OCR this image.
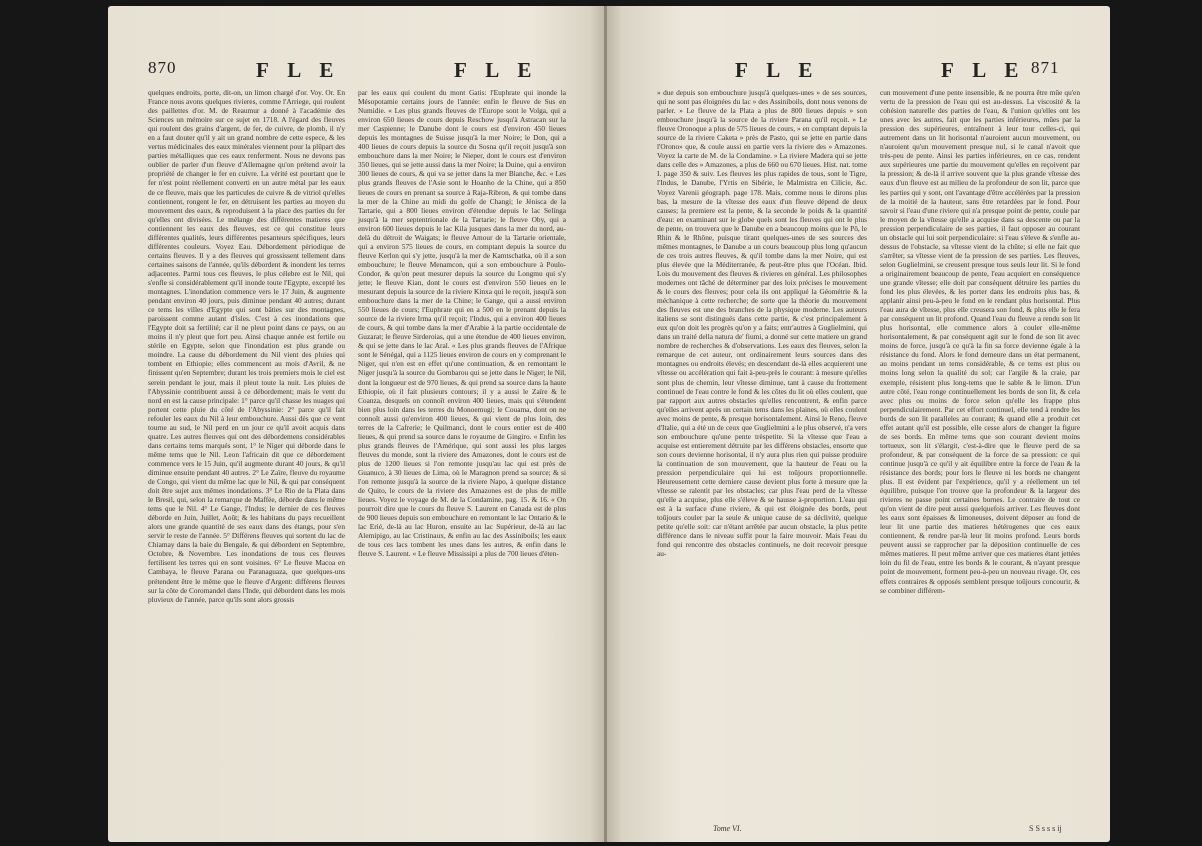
870	F L E	F L E

quelques endroits, porte, dit-on, un limon chargé d'or. Voy. Or. En France nous avons quelques rivieres, comme l'Arriege, qui roulent des paillettes d'or. M. de Reaumur a donné à l'académie des Sciences un mémoire sur ce sujet en 1718. A l'égard des fleuves qui roulent des grains d'argent, de fer, de cuivre, de plomb, il n'y en a faut douter qu'il y ait un grand nombre de cette espece, & les vertus médicinales des eaux minérales viennent pour la plûpart des parties métalliques que ces eaux renferment. Nous ne devons pas oublier de parler d'un fleuve d'Allemagne qu'on prétend avoir la propriété de changer le fer en cuivre. La vérité est pourtant que le fer n'est point réellement converti en un autre métal par les eaux de ce fleuve, mais que les particules de cuivre & de vitriol qu'elles contiennent, rongent le fer, en détruisent les parties au moyen du mouvement des eaux, & reproduisent à la place des parties du fer qu'elles ont divisées. Le mélange des différentes matieres que contiennent les eaux des fleuves, est ce qui constitue leurs différentes qualités, leurs différentes pesanteurs spécifiques, leurs différentes couleurs. Voyez Eau. Débordement périodique de certains fleuves. Il y a des fleuves qui grossissent tellement dans certaines saisons de l'année, qu'ils débordent & inondent les terres adjacentes. Parmi tous ces fleuves, le plus célebre est le Nil, qui s'enfle si considérablement qu'il inonde toute l'Egypte, excepté les montagnes. L'inondation commence vers le 17 Juin, & augmente pendant environ 40 jours, puis diminue pendant 40 autres; durant ce tems les villes d'Egypte qui sont bâties sur des montagnes, paroissent comme autant d'isles. C'est à ces inondations que l'Egypte doit sa fertilité; car il ne pleut point dans ce pays, ou au moins il n'y pleut que fort peu. Ainsi chaque année est fertile ou stérile en Egypte, selon que l'inondation est plus grande ou moindre. La cause du débordement du Nil vient des pluies qui tombent en Ethiopie; elles commencent au mois d'Avril, & ne finissent qu'en Septembre; durant les trois premiers mois le ciel est serein pendant le jour, mais il pleut toute la nuit. Les pluies de l'Abyssinie contribuent aussi à ce débordement; mais le vent du nord en est la cause principale: 1° parce qu'il chasse les nuages qui portent cette pluie du côté de l'Abyssinie: 2° parce qu'il fait refouler les eaux du Nil à leur embouchure. Aussi dès que ce vent tourne au sud, le Nil perd en un jour ce qu'il avoit acquis dans quatre. Les autres fleuves qui ont des débordemens considérables dans certains tems marqués sont, 1° le Niger qui déborde dans le même tems que le Nil. Leon l'africain dit que ce débordement commence vers le 15 Juin, qu'il augmente durant 40 jours, & qu'il diminue ensuite pendant 40 autres. 2° Le Zaïre, fleuve du royaume de Congo, qui vient du même lac que le Nil, & qui par conséquent doit être sujet aux mêmes inondations. 3° Le Rio de la Plata dans le Bresil, qui, selon la remarque de Maffée, déborde dans le même tems que le Nil. 4° Le Gange, l'Indus; le dernier de ces fleuves déborde en Juin, Juillet, Août; & les habitans du pays recueillent alors une grande quantité de ses eaux dans des étangs, pour s'en servir le reste de l'année. 5° Différens fleuves qui sortent du lac de Chiamay dans la baie du Bengale, & qui débordent en Septembre, Octobre, & Novembre. Les inondations de tous ces fleuves fertilisent les terres qui en sont voisines. 6° Le fleuve Macoa en Cambaya, le fleuve Parana ou Paranaguaza, que quelques-uns prétendent être le même que le fleuve d'Argent: différens fleuves sur la côte de Coromandel dans l'Inde, qui débordent dans les mois pluvieux de l'année, parce qu'ils sont alors grossis

par les eaux qui coulent du mont Gatis: l'Euphrate qui inonde la Mésopotamie certains jours de l'année: enfin le fleuve de Sus en Numidie. « Les plus grands fleuves de l'Europe sont le Volga, qui a environ 650 lieues de cours depuis Reschow jusqu'à Astracan sur la mer Caspienne; le Danube dont le cours est d'environ 450 lieues depuis les montagnes de Suisse jusqu'à la mer Noire; le Don, qui a 400 lieues de cours depuis la source du Sosna qu'il reçoit jusqu'à son embouchure dans la mer Noire; le Nieper, dont le cours est d'environ 350 lieues, qui se jette aussi dans la mer Noire; la Duine, qui a environ 300 lieues de cours, & qui va se jetter dans la mer Blanche, &c. « Les plus grands fleuves de l'Asie sont le Hoanho de la Chine, qui a 850 lieues de cours en prenant sa source à Raja-Ribron, & qui tombe dans la mer de la Chine au midi du golfe de Changi; le Jénisca de la Tartarie, qui a 800 lieues environ d'étendue depuis le lac Selinga jusqu'à la mer septentrionale de la Tartarie; le fleuve Oby, qui a environ 600 lieues depuis le lac Kila jusques dans la mer du nord, au-delà du détroit de Waigats; le fleuve Amour de la Tartarie orientale, qui a environ 575 lieues de cours, en comptant depuis la source du fleuve Kerlon qui s'y jette, jusqu'à la mer de Kamtschatka, où il a son embouchure; le fleuve Menamcon, qui a son embouchure à Poulo-Condor, & qu'on peut mesurer depuis la source du Longmu qui s'y jette; le fleuve Kian, dont le cours est d'environ 550 lieues en le mesurant depuis la source de la riviere Kinxa qui le reçoit, jusqu'à son embouchure dans la mer de la Chine; le Gange, qui a aussi environ 550 lieues de cours; l'Euphrate qui en a 500 en le prenant depuis la source de la riviere Irma qu'il reçoit; l'Indus, qui a environ 400 lieues de cours, & qui tombe dans la mer d'Arabie à la partie occidentale de Guzarat; le fleuve Sirderoias, qui a une étendue de 400 lieues environ, & qui se jette dans le lac Aral. « Les plus grands fleuves de l'Afrique sont le Sénégal, qui a 1125 lieues environ de cours en y comprenant le Niger, qui n'en est en effet qu'une continuation, & en remontant le Niger jusqu'à la source du Gombarou qui se jette dans le Niger; le Nil, dont la longueur est de 970 lieues, & qui prend sa source dans la haute Ethiopie, où il fait plusieurs contours; il y a aussi le Zaïre & le Coanza, desquels on connoît environ 400 lieues, mais qui s'étendent bien plus loin dans les terres du Monoemugi; le Couama, dont on ne connoît aussi qu'environ 400 lieues, & qui vient de plus loin, des terres de la Cafrerie; le Quilmanci, dont le cours entier est de 400 lieues, & qui prend sa source dans le royaume de Gingiro. « Enfin les plus grands fleuves de l'Amérique, qui sont aussi les plus larges fleuves du monde, sont la riviere des Amazones, dont le cours est de plus de 1200 lieues si l'on remonte jusqu'au lac qui est près de Guanuco, à 30 lieues de Lima, où le Maragnon prend sa source; & si l'on remonte jusqu'à la source de la riviere Napo, à quelque distance de Quito, le cours de la riviere des Amazones est de plus de mille lieues. Voyez le voyage de M. de la Condamine, pag. 15. & 16. « On pourroit dire que le cours du fleuve S. Laurent en Canada est de plus de 900 lieues depuis son embouchure en remontant le lac Ontario & le lac Erié, de-là au lac Huron, ensuite au lac Supérieur, de-là au lac Alemipigo, au lac Cristinaux, & enfin au lac des Assiniboils; les eaux de tous ces lacs tombent les unes dans les autres, & enfin dans le fleuve S. Laurent. « Le fleuve Mississipi a plus de 700 lieues d'éten-

F L E	F L E 871

» due depuis son embouchure jusqu'à quelques-unes » de ses sources, qui ne sont pas éloignées du lac » des Assiniboils, dont nous venons de parler. » Le fleuve de la Plata a plus de 800 lieues depuis » son embouchure jusqu'à la source de la riviere Parana qu'il reçoit. » Le fleuve Oronoque a plus de 575 lieues de cours, » en comptant depuis la source de la riviere Caketa » près de Pasto, qui se jette en partie dans l'Orono» que, & coule aussi en partie vers la riviere des » Amazones. Voyez la carte de M. de la Condamine. » La riviere Madera qui se jette dans celle des » Amazones, a plus de 660 ou 670 lieues. Hist. nat. tome I. page 350 & suiv. Les fleuves les plus rapides de tous, sont le Tigre, l'Indus, le Danube, l'Yrtis en Sibérie, le Malmistra en Cilicie, &c. Voyez Varenii géograph. page 178. Mais, comme nous le dirons plus bas, la mesure de la vîtesse des eaux d'un fleuve dépend de deux causes; la premiere est la pente, & la seconde le poids & la quantité d'eau: en examinant sur le globe quels sont les fleuves qui ont le plus de pente, on trouvera que le Danube en a beaucoup moins que le Pô, le Rhin & le Rhône, puisque tirant quelques-unes de ses sources des mêmes montagnes, le Danube a un cours beaucoup plus long qu'aucun de ces trois autres fleuves, & qu'il tombe dans la mer Noire, qui est plus élevée que la Méditerranée, & peut-être plus que l'Océan. Ibid. Lois du mouvement des fleuves & rivieres en général. Les philosophes modernes ont tâché de déterminer par des loix précises le mouvement & le cours des fleuves; pour cela ils ont appliqué la Géométrie & la méchanique à cette recherche; de sorte que la théorie du mouvement des fleuves est une des branches de la physique moderne. Les auteurs italiens se sont distingués dans cette partie, & c'est principalement à eux qu'on doit les progrès qu'on y a faits; entr'autres à Guglielmini, qui dans un traité della natura de' fiumi, a donné sur cette matiere un grand nombre de recherches & d'observations. Les eaux des fleuves, selon la remarque de cet auteur, ont ordinairement leurs sources dans des montagnes ou endroits élevés; en descendant de-là elles acquierent une vîtesse ou accélération qui fait à-peu-près le courant: à mesure qu'elles sont plus de chemin, leur vîtesse diminue, tant à cause du frottement continuel de l'eau contre le fond & les côtes du lit où elles coulent, que par rapport aux autres obstacles qu'elles rencontrent, & enfin parce qu'elles arrivent après un certain tems dans les plaines, où elles coulent avec moins de pente, & presque horisontalement. Ainsi le Reno, fleuve d'Italie, qui a été un de ceux que Guglielmini a le plus observé, n'a vers son embouchure qu'une pente trèspetite. Si la vîtesse que l'eau a acquise est entierement détruite par les différens obstacles, ensorte que son cours devienne horisontal, il n'y aura plus rien qui puisse produire la continuation de son mouvement, que la hauteur de l'eau ou la pression perpendiculaire qui lui est toûjours proportionnelle. Heureusement cette derniere cause devient plus forte à mesure que la vîtesse se ralentit par les obstacles; car plus l'eau perd de la vîtesse qu'elle a acquise, plus elle s'éleve & se hausse à-proportion. L'eau qui est à la surface d'une riviere, & qui est éloignée des bords, peut toûjours couler par la seule & unique cause de sa déclivité, quelque petite qu'elle soit: car n'étant arrêtée par aucun obstacle, la plus petite différence dans le niveau suffit pour la faire mouvoir. Mais l'eau du fond qui rencontre des obstacles continuels, ne doit recevoir presque au-

cun mouvement d'une pente insensible, & ne pourra être mûe qu'en vertu de la pression de l'eau qui est au-dessus. La viscosité & la cohésion naturelle des parties de l'eau, & l'union qu'elles ont les unes avec les autres, fait que les parties inférieures, mûes par la pression des supérieures, entraînent à leur tour celles-ci, qui autrement dans un lit horisontal n'auroient aucun mouvement, ou n'auroient qu'un mouvement presque nul, si le canal n'avoit que très-peu de pente. Ainsi les parties inférieures, en ce cas, rendent aux supérieures une partie du mouvement qu'elles en reçoivent par la pression; & de-là il arrive souvent que la plus grande vîtesse des eaux d'un fleuve est au milieu de la profondeur de son lit, parce que les parties qui y sont, ont l'avantage d'être accélérées par la pression de la moitié de la hauteur, sans être retardées par le fond. Pour savoir si l'eau d'une riviere qui n'a presque point de pente, coule par le moyen de la vîtesse qu'elle a acquise dans sa descente ou par la pression perpendiculaire de ses parties, il faut opposer au courant un obstacle qui lui soit perpendiculaire: si l'eau s'éleve & s'enfle au-dessus de l'obstacle, sa vîtesse vient de la chûte; si elle ne fait que s'arrêter, sa vîtesse vient de la pression de ses parties. Les fleuves, selon Guglielmini, se creusent presque tous seuls leur lit. Si le fond a originairement beaucoup de pente, l'eau acquiert en conséquence une grande vîtesse; elle doit par conséquent détruire les parties du fond les plus élevées, & les porter dans les endroits plus bas, & applanir ainsi peu-à-peu le fond en le rendant plus horisontal. Plus l'eau aura de vîtesse, plus elle creusera son fond, & plus elle le fera par conséquent un lit profond. Quand l'eau du fleuve a rendu son lit plus horisontal, elle commence alors à couler elle-même horisontalement, & par conséquent agit sur le fond de son lit avec moins de force, jusqu'à ce qu'à la fin sa force devienne égale à la résistance du fond. Alors le fond demeure dans un état permanent, au moins pendant un tems considérable, & ce tems est plus ou moins long selon la qualité du sol; car l'argile & la craie, par exemple, résistent plus long-tems que le sable & le limon. D'un autre côté, l'eau ronge continuellement les bords de son lit, & cela avec plus ou moins de force selon qu'elle les frappe plus perpendiculairement. Par cet effort continuel, elle tend à rendre les bords de son lit paralleles au courant; & quand elle a produit cet effet autant qu'il est possible, elle cesse alors de changer la figure de ses bords. En même tems que son courant devient moins tortueux, son lit s'élargit, c'est-à-dire que le fleuve perd de sa profondeur, & par conséquent de la force de sa pression: ce qui continue jusqu'à ce qu'il y ait équilibre entre la force de l'eau & la résistance des bords; pour lors le fleuve ni les bords ne changent plus. Il est évident par l'expérience, qu'il y a réellement un tel équilibre, puisque l'on trouve que la profondeur & la largeur des rivieres ne passe point certaines bornes. Le contraire de tout ce qu'on vient de dire peut aussi quelquefois arriver. Les fleuves dont les eaux sont épaisses & limoneuses, doivent déposer au fond de leur lit une partie des matieres hétérogenes que ces eaux contiennent, & rendre par-là leur lit moins profond. Leurs bords peuvent aussi se rapprocher par la déposition continuelle de ces mêmes matieres. Il peut même arriver que ces matieres étant jettées loin du fil de l'eau, entre les bords & le courant, & n'ayant presque point de mouvement, forment peu-à-peu un nouveau rivage. Or, ces effets contraires & opposés semblent presque toûjours concourir, & se combiner différem-

Tome VI.	S S s s s ij
